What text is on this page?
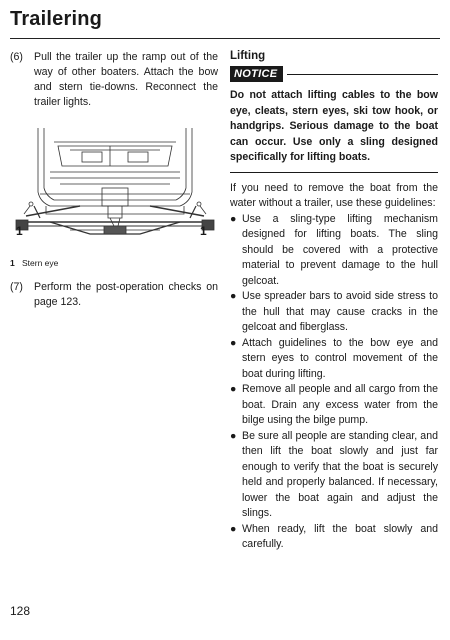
Trailering
(6)	Pull the trailer up the ramp out of the way of other boaters. Attach the bow and stern tie-downs. Reconnect the trailer lights.
1	1
1 Stern eye
(7)	Perform the post-operation checks on page 123.
Lifting
NOTICE
Do not attach lifting cables to the bow eye, cleats, stern eyes, ski tow hook, or handgrips. Serious damage to the boat can occur. Use only a sling designed specifically for lifting boats.
If you need to remove the boat from the water without a trailer, use these guidelines:
● Use a sling-type lifting mechanism designed for lifting boats. The sling should be covered with a protective material to prevent damage to the hull gelcoat.
● Use spreader bars to avoid side stress to the hull that may cause cracks in the gelcoat and fiberglass.
● Attach guidelines to the bow eye and stern eyes to control movement of the boat during lifting.
● Remove all people and all cargo from the boat. Drain any excess water from the bilge using the bilge pump.
● Be sure all people are standing clear, and then lift the boat slowly and just far enough to verify that the boat is securely held and properly balanced. If necessary, lower the boat again and adjust the slings.
● When ready, lift the boat slowly and carefully.
128
